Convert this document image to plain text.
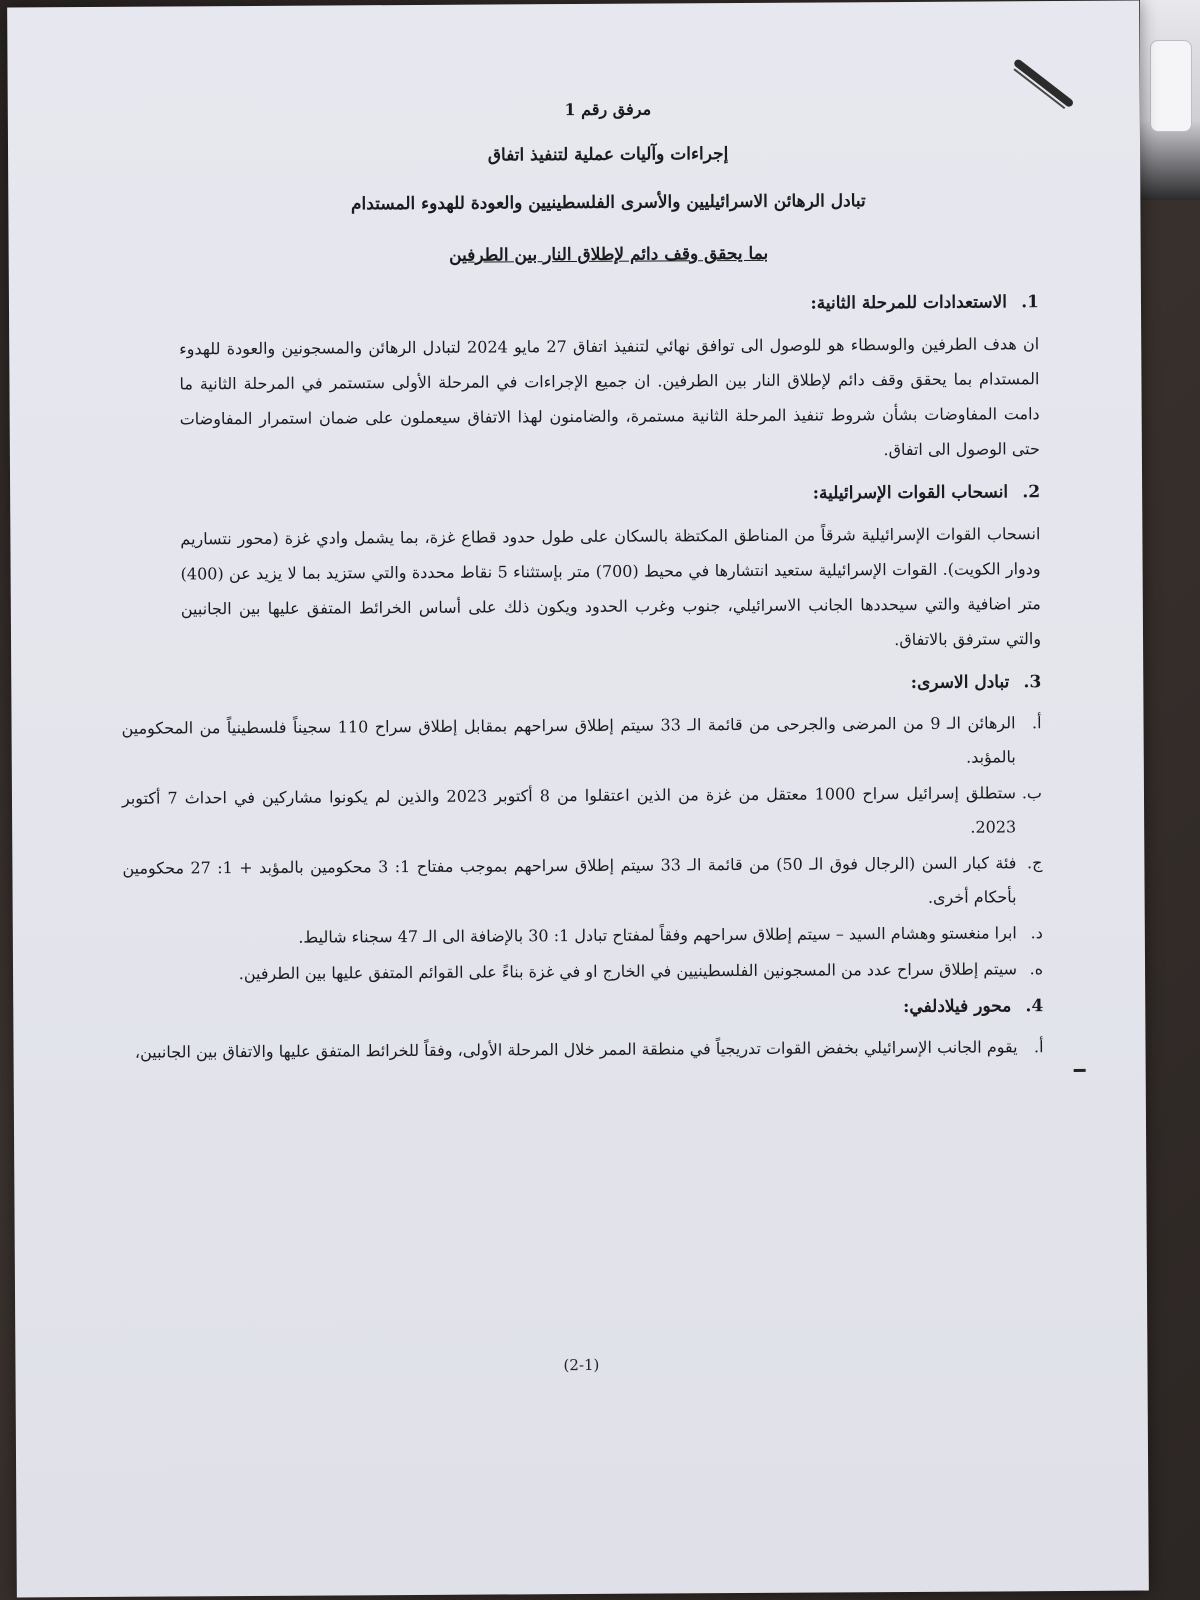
مرفق رقم 1
إجراءات وآليات عملية لتنفيذ اتفاق
تبادل الرهائن الاسرائيليين والأسرى الفلسطينيين والعودة للهدوء المستدام
بما يحقق وقف دائم لإطلاق النار بين الطرفين
1.
الاستعدادات للمرحلة الثانية:
ان هدف الطرفين والوسطاء هو للوصول الى توافق نهائي لتنفيذ اتفاق 27 مايو 2024 لتبادل الرهائن والمسجونين والعودة للهدوء المستدام بما يحقق وقف دائم لإطلاق النار بين الطرفين. ان جميع الإجراءات في المرحلة الأولى ستستمر في المرحلة الثانية ما دامت المفاوضات بشأن شروط تنفيذ المرحلة الثانية مستمرة، والضامنون لهذا الاتفاق سيعملون على ضمان استمرار المفاوضات حتى الوصول الى اتفاق.
2.
انسحاب القوات الإسرائيلية:
انسحاب القوات الإسرائيلية شرقاً من المناطق المكتظة بالسكان على طول حدود قطاع غزة، بما يشمل وادي غزة (محور نتساريم ودوار الكويت). القوات الإسرائيلية ستعيد انتشارها في محيط (700) متر بإستثناء 5 نقاط محددة والتي ستزيد بما لا يزيد عن (400) متر اضافية والتي سيحددها الجانب الاسرائيلي، جنوب وغرب الحدود ويكون ذلك على أساس الخرائط المتفق عليها بين الجانبين والتي سترفق بالاتفاق.
3.
تبادل الاسرى:
أ.
الرهائن الـ 9 من المرضى والجرحى من قائمة الـ 33 سيتم إطلاق سراحهم بمقابل إطلاق سراح 110 سجيناً فلسطينياً من المحكومين بالمؤبد.
ب.
ستطلق إسرائيل سراح 1000 معتقل من غزة من الذين اعتقلوا من 8 أكتوبر 2023 والذين لم يكونوا مشاركين في احداث 7 أكتوبر 2023.
ج.
فئة كبار السن (الرجال فوق الـ 50) من قائمة الـ 33 سيتم إطلاق سراحهم بموجب مفتاح 1: 3 محكومين بالمؤبد + 1: 27 محكومين بأحكام أخرى.
د.
ابرا منغستو وهشام السيد – سيتم إطلاق سراحهم وفقاً لمفتاح تبادل 1: 30 بالإضافة الى الـ 47 سجناء شاليط.
ه.
سيتم إطلاق سراح عدد من المسجونين الفلسطينيين في الخارج او في غزة بناءً على القوائم المتفق عليها بين الطرفين.
4.
محور فيلادلفي:
أ.
يقوم الجانب الإسرائيلي بخفض القوات تدريجياً في منطقة الممر خلال المرحلة الأولى، وفقاً للخرائط المتفق عليها والاتفاق بين الجانبين،
(2-1)
